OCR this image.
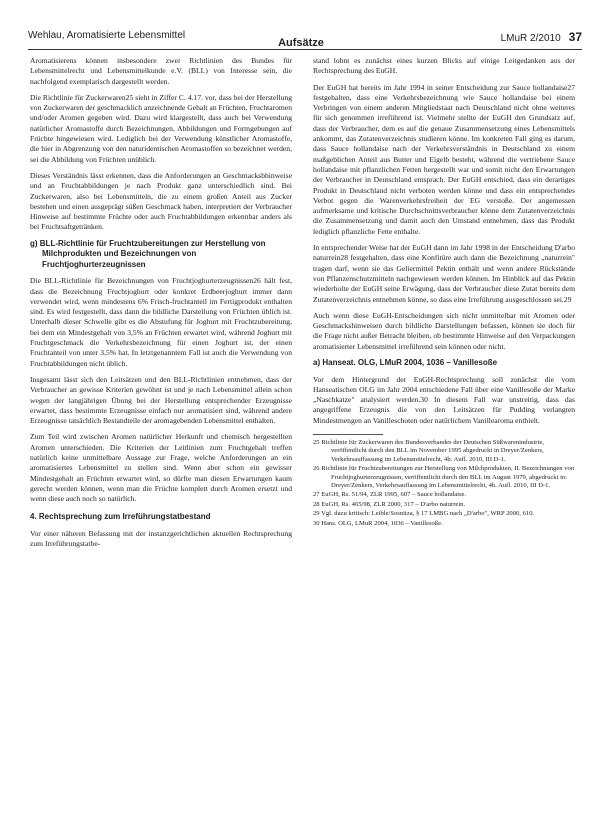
Wehlau, Aromatisierte Lebensmittel	LMuR 2/2010 37
Aufsätze

Aromatisierens können insbesondere zwei Richtlinien des Bundes für Lebensmittelrecht und Lebensmittelkunde e.V. (BLL) von Interesse sein, die nachfolgend exemplarisch dargestellt werden.

Die Richtlinie für Zuckerwaren25 sieht in Ziffer C. 4.17. vor, dass bei der Herstellung von Zuckerwaren der geschmacklich anzeichnende Gehalt an Früchten, Fruchtaromen und/oder Aromen gegeben wird. Dazu wird klargestellt, dass auch bei Verwendung natürlicher Aromastoffe durch Bezeichnungen, Abbildungen und Formgebungen auf Früchte hingewiesen wird. Lediglich bei der Verwendung künstlicher Aromastoffe, die hier in Abgrenzung von den naturidentischen Aromastoffen so bezeichnet werden, sei die Abbildung von Früchten unüblich.

Dieses Verständnis lässt erkennen, dass die Anforderungen an Geschmacksbhinweise und an Fruchtabbildungen je nach Produkt ganz unterschiedlich sind. Bei Zuckerwaren, also bei Lebensmitteln, die zu einem großen Anteil aus Zucker bestehen und einen ausgeprägt süßen Geschmack haben, interpretiert der Verbraucher Hinweise auf bestimmte Früchte oder auch Fruchtabbildungen erkennbar anders als bei Fruchtsaftgetränken.

g) BLL-Richtlinie für Fruchtzubereitungen zur Herstellung von Milchprodukten und Bezeichnungen von Fruchtjoghurterzeugnissen

Die BLL-Richtlinie für Bezeichnungen von Fruchtjoghurterzeugnissen26 hält fest, dass die Bezeichnung Fruchtjoghurt oder konkret Erdbeerjoghurt immer dann verwendet wird, wenn mindestens 6% Frisch-fruchtanteil im Fertigprodukt enthalten sind. Es wird festgestellt, dass dann die bildliche Darstellung von Früchten üblich ist. Unterhalb dieser Schwelle gibt es die Abstufung für Joghurt mit Fruchtzubereitung, bei dem ein Mindestgehalt von 3,5% an Früchten erwartet wird, während Joghurt mit Fruchtgeschmack die Verkehrsbezeichnung für einen Joghurt ist, der einen Fruchtanteil von unter 3,5% hat. In letztgenanntem Fall ist auch die Verwendung von Fruchtabbildungen nicht üblich.

Insgesamt lässt sich den Leitsätzen und den BLL-Richtlinien entnehmen, dass der Verbraucher an gewisse Kriterien gewöhnt ist und je nach Lebensmittel allein schon wegen der langjährigen Übung bei der Herstellung entsprechender Erzeugnisse erwartet, dass bestimmte Erzeugnisse einfach nur aromatisiert sind, während andere Erzeugnisse tatsächlich Bestandteile der aromagebenden Lebensmittel enthalten.

Zum Teil wird zwischen Aromen natürlicher Herkunft und chemisch hergestellten Aromen unterschieden. Die Kriterien der Leitlinien zum Fruchtgehalt treffen natürlich keine unmittelbare Aussage zur Frage, welche Anforderungen an ein aromatisiertes Lebensmittel zu stellen sind. Wenn aber schon ein gewisser Mindestgehalt an Früchten erwartet wird, so dürfte man diesen Erwartungen kaum gerecht werden können, wenn man die Früchte komplett durch Aromen ersetzt und wenn diese auch noch so natürlich.

4. Rechtsprechung zum Irreführungstatbestand

Vor einer näheren Befassung mit der instanzgerichtlichen aktuellen Rechtsprechung zum Irreführungstatbe-

stand lohnt es zunächst eines kurzen Blicks auf einige Leitgedanken aus der Rechtsprechung des EuGH.

Der EuGH hat bereits im Jahr 1994 in seiner Entscheidung zur Sauce hollandaise27 festgehalten, dass eine Verkehrsbezeichnung wie Sauce hollandaise bei einem Verbringen von einem anderen Mitgliedstaat nach Deutschland nicht ohne weiteres für sich genommen irreführend ist. Vielmehr stellte der EuGH den Grundsatz auf, dass der Verbraucher, dem es auf die genaue Zusammensetzung eines Lebensmittels ankommt, das Zutatenverzeichnis studieren könne. Im konkreten Fall ging es darum, dass Sauce hollandaise nach der Verkehrsverständnis in Deutschland zu einem maßgeblichen Anteil aus Butter und Eigelb besteht, während die vertriebene Sauce hollandaise mit pflanzlichen Fetten hergestellt war und somit nicht den Erwartungen der Verbraucher in Deutschland entsprach. Der EuGH entschied, dass ein derartiges Produkt in Deutschland nicht verboten werden könne und dass ein entsprechendes Verbot gegen die Warenverkehrsfreiheit der EG verstoße. Der angemessen aufmerksame und kritische Durchschnittsverbraucher könne dem Zutatenverzeichnis die Zusammensetzung und damit auch den Umstand entnehmen, dass das Produkt lediglich pflanzliche Fette enthalte.

In entsprechender Weise hat der EuGH dann im Jahr 1998 in der Entscheidung D'arbo naturrein28 festgehalten, dass eine Konfitüre auch dann die Bezeichnung „naturrein" tragen darf, wenn sie das Geliermittel Pektin enthält und wenn andere Rückstände von Pflanzenschutzmitteln nachgewiesen werden können. Im Hinblick auf das Pektin wiederholte der EuGH seine Erwägung, dass der Verbraucher diese Zutat bereits dem Zutatenverzeichnis entnehmen könne, so dass eine Irreführung ausgeschlossen sei.29

Auch wenn diese EuGH-Entscheidungen sich nicht unmittelbar mit Aromen oder Geschmackshinweisen durch bildliche Darstellungen befassen, können sie doch für die Frage nicht außer Betracht bleiben, ob bestimmte Hinweise auf den Verpackungen aromatisierter Lebensmittel irreführend sein können oder nicht.

a) Hanseat. OLG, LMuR 2004, 1036 – Vanillesoße

Vor dem Hintergrund der EuGH-Rechtsprechung soll zunächst die vom Hanseatischen OLG im Jahr 2004 entschiedene Fall über eine Vanillesoße der Marke „Naschkatze" analysiert werden.30 In diesem Fall war unstreitig, dass das angegriffene Erzeugnis die von den Leitsätzen für Pudding verlangten Mindestmengen an Vanilleschoten oder natürlichem Vanillearoma enthielt.

25 Richtlinie für Zuckerwaren des Bundesverbandes der Deutschen Süßwarenindustrie, veröffentlicht durch den BLL im November 1995 abgedruckt in Dreyer/Zenkers, Verkehrsauffassung im Lebensmittelrecht, 4b. Aufl. 2010, III D-1.

26 Richtlinie für Fruchtzubereitungen zur Herstellung von Milchprodukten, II. Bezeichnungen von Fruchtjoghurterzeugnissen, veröffentlicht durch den BLL im August 1979, abgedruckt in: Dreyer/Zenkers, Verkehrsauffassung im Lebensmittelrecht, 4b. Aufl. 2010, III D-1.

27 EuGH, Rs. 51/94, ZLR 1995, 607 – Sauce hollandaise.

28 EuGH, Rs. 465/98, ZLR 2000, 317 – D'arbo naturrein.

29 Vgl. dazu kritisch: Leible/Sosnitza, § 17 LMBG nach „D'arbo", WRP 2000, 610.

30 Hans. OLG, LMuR 2004, 1036 – Vanillesoße.
